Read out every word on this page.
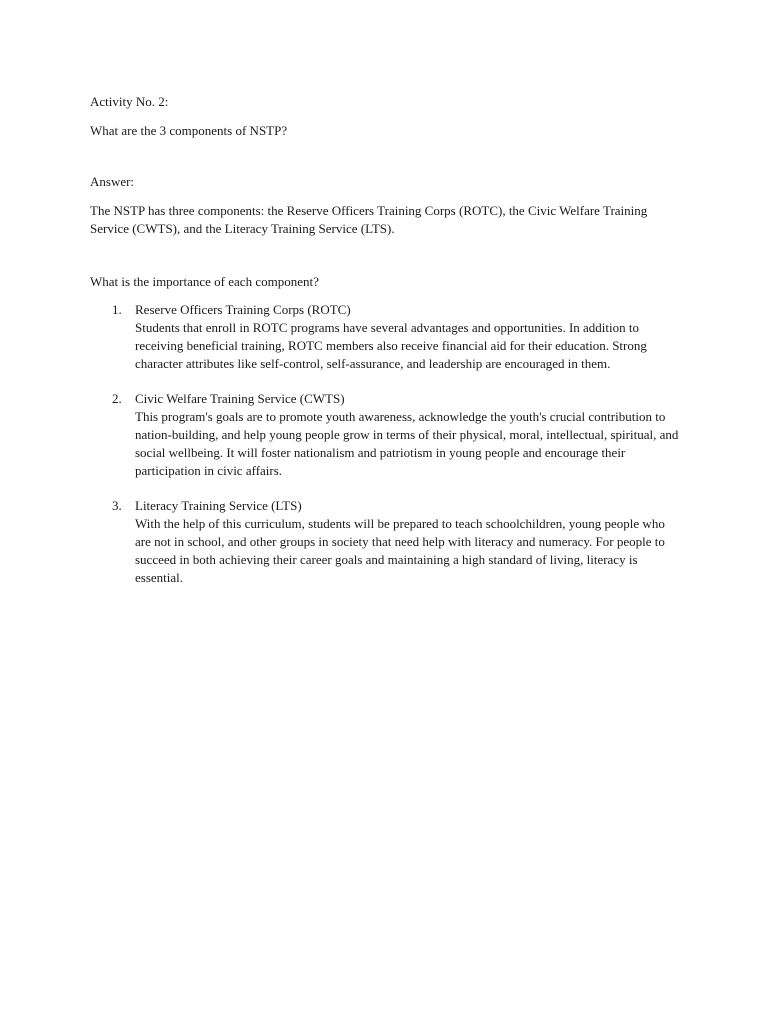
Activity No. 2:

What are the 3 components of NSTP?

Answer:

The NSTP has three components: the Reserve Officers Training Corps (ROTC), the Civic Welfare Training Service (CWTS), and the Literacy Training Service (LTS).

What is the importance of each component?

1. Reserve Officers Training Corps (ROTC)
Students that enroll in ROTC programs have several advantages and opportunities. In addition to receiving beneficial training, ROTC members also receive financial aid for their education. Strong character attributes like self-control, self-assurance, and leadership are encouraged in them.
2. Civic Welfare Training Service (CWTS)
This program's goals are to promote youth awareness, acknowledge the youth's crucial contribution to nation-building, and help young people grow in terms of their physical, moral, intellectual, spiritual, and social wellbeing. It will foster nationalism and patriotism in young people and encourage their participation in civic affairs.
3. Literacy Training Service (LTS)
With the help of this curriculum, students will be prepared to teach schoolchildren, young people who are not in school, and other groups in society that need help with literacy and numeracy. For people to succeed in both achieving their career goals and maintaining a high standard of living, literacy is essential.
